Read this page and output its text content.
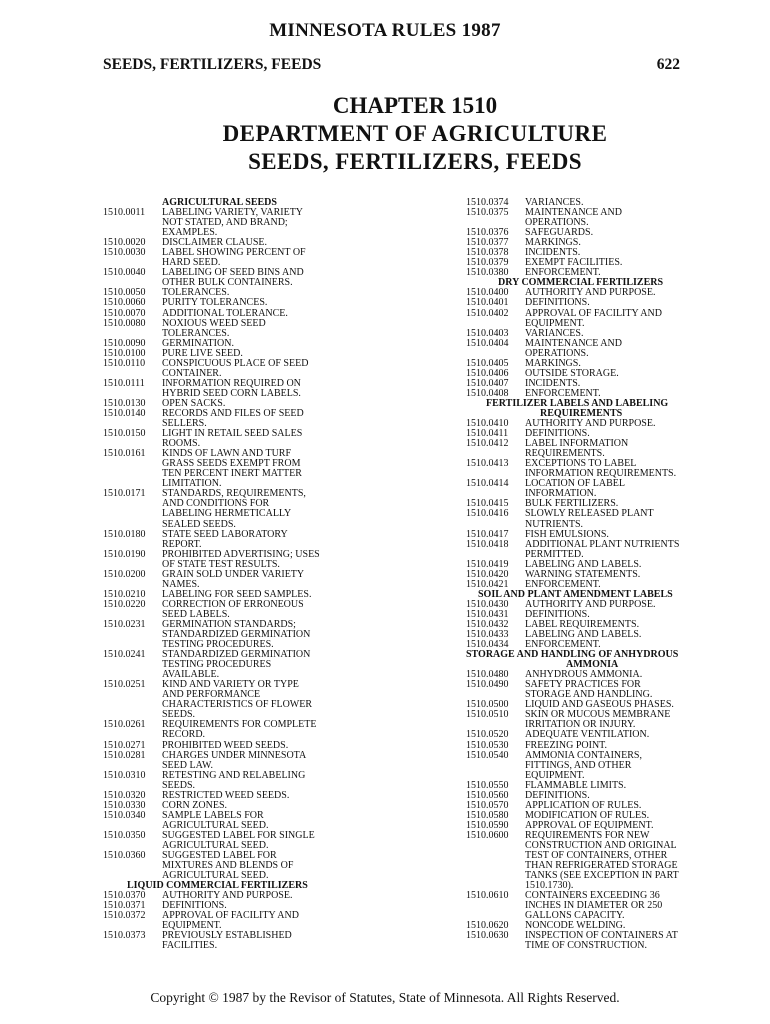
MINNESOTA RULES 1987
SEEDS, FERTILIZERS, FEEDS	622
CHAPTER 1510
DEPARTMENT OF AGRICULTURE
SEEDS, FERTILIZERS, FEEDS
AGRICULTURAL SEEDS
1510.0011	LABELING VARIETY, VARIETY
NOT STATED, AND BRAND;
EXAMPLES.
1510.0020	DISCLAIMER CLAUSE.
1510.0030	LABEL SHOWING PERCENT OF
HARD SEED.
1510.0040	LABELING OF SEED BINS AND
OTHER BULK CONTAINERS.
1510.0050	TOLERANCES.
1510.0060	PURITY TOLERANCES.
1510.0070	ADDITIONAL TOLERANCE.
1510.0080	NOXIOUS WEED SEED
TOLERANCES.
1510.0090	GERMINATION.
1510.0100	PURE LIVE SEED.
1510.0110	CONSPICUOUS PLACE OF SEED
CONTAINER.
1510.0111	INFORMATION REQUIRED ON
HYBRID SEED CORN LABELS.
1510.0130	OPEN SACKS.
1510.0140	RECORDS AND FILES OF SEED
SELLERS.
1510.0150	LIGHT IN RETAIL SEED SALES
ROOMS.
1510.0161	KINDS OF LAWN AND TURF
GRASS SEEDS EXEMPT FROM
TEN PERCENT INERT MATTER
LIMITATION.
1510.0171	STANDARDS, REQUIREMENTS,
AND CONDITIONS FOR
LABELING HERMETICALLY
SEALED SEEDS.
1510.0180	STATE SEED LABORATORY
REPORT.
1510.0190	PROHIBITED ADVERTISING; USES
OF STATE TEST RESULTS.
1510.0200	GRAIN SOLD UNDER VARIETY
NAMES.
1510.0210	LABELING FOR SEED SAMPLES.
1510.0220	CORRECTION OF ERRONEOUS
SEED LABELS.
1510.0231	GERMINATION STANDARDS;
STANDARDIZED GERMINATION
TESTING PROCEDURES.
1510.0241	STANDARDIZED GERMINATION
TESTING PROCEDURES
AVAILABLE.
1510.0251	KIND AND VARIETY OR TYPE
AND PERFORMANCE
CHARACTERISTICS OF FLOWER
SEEDS.
1510.0261	REQUIREMENTS FOR COMPLETE
RECORD.
1510.0271	PROHIBITED WEED SEEDS.
1510.0281	CHARGES UNDER MINNESOTA
SEED LAW.
1510.0310	RETESTING AND RELABELING
SEEDS.
1510.0320	RESTRICTED WEED SEEDS.
1510.0330	CORN ZONES.
1510.0340	SAMPLE LABELS FOR
AGRICULTURAL SEED.
1510.0350	SUGGESTED LABEL FOR SINGLE
AGRICULTURAL SEED.
1510.0360	SUGGESTED LABEL FOR
MIXTURES AND BLENDS OF
AGRICULTURAL SEED.
LIQUID COMMERCIAL FERTILIZERS
1510.0370	AUTHORITY AND PURPOSE.
1510.0371	DEFINITIONS.
1510.0372	APPROVAL OF FACILITY AND
EQUIPMENT.
1510.0373	PREVIOUSLY ESTABLISHED
FACILITIES.
1510.0374	VARIANCES.
1510.0375	MAINTENANCE AND
OPERATIONS.
1510.0376	SAFEGUARDS.
1510.0377	MARKINGS.
1510.0378	INCIDENTS.
1510.0379	EXEMPT FACILITIES.
1510.0380	ENFORCEMENT.
DRY COMMERCIAL FERTILIZERS
1510.0400	AUTHORITY AND PURPOSE.
1510.0401	DEFINITIONS.
1510.0402	APPROVAL OF FACILITY AND
EQUIPMENT.
1510.0403	VARIANCES.
1510.0404	MAINTENANCE AND
OPERATIONS.
1510.0405	MARKINGS.
1510.0406	OUTSIDE STORAGE.
1510.0407	INCIDENTS.
1510.0408	ENFORCEMENT.
FERTILIZER LABELS AND LABELING
REQUIREMENTS
1510.0410	AUTHORITY AND PURPOSE.
1510.0411	DEFINITIONS.
1510.0412	LABEL INFORMATION
REQUIREMENTS.
1510.0413	EXCEPTIONS TO LABEL
INFORMATION REQUIREMENTS.
1510.0414	LOCATION OF LABEL
INFORMATION.
1510.0415	BULK FERTILIZERS.
1510.0416	SLOWLY RELEASED PLANT
NUTRIENTS.
1510.0417	FISH EMULSIONS.
1510.0418	ADDITIONAL PLANT NUTRIENTS
PERMITTED.
1510.0419	LABELING AND LABELS.
1510.0420	WARNING STATEMENTS.
1510.0421	ENFORCEMENT.
SOIL AND PLANT AMENDMENT LABELS
1510.0430	AUTHORITY AND PURPOSE.
1510.0431	DEFINITIONS.
1510.0432	LABEL REQUIREMENTS.
1510.0433	LABELING AND LABELS.
1510.0434	ENFORCEMENT.
STORAGE AND HANDLING OF ANHYDROUS
AMMONIA
1510.0480	ANHYDROUS AMMONIA.
1510.0490	SAFETY PRACTICES FOR
STORAGE AND HANDLING.
1510.0500	LIQUID AND GASEOUS PHASES.
1510.0510	SKIN OR MUCOUS MEMBRANE
IRRITATION OR INJURY.
1510.0520	ADEQUATE VENTILATION.
1510.0530	FREEZING POINT.
1510.0540	AMMONIA CONTAINERS,
FITTINGS, AND OTHER
EQUIPMENT.
1510.0550	FLAMMABLE LIMITS.
1510.0560	DEFINITIONS.
1510.0570	APPLICATION OF RULES.
1510.0580	MODIFICATION OF RULES.
1510.0590	APPROVAL OF EQUIPMENT.
1510.0600	REQUIREMENTS FOR NEW
CONSTRUCTION AND ORIGINAL
TEST OF CONTAINERS, OTHER
THAN REFRIGERATED STORAGE
TANKS (SEE EXCEPTION IN PART
1510.1730).
1510.0610	CONTAINERS EXCEEDING 36
INCHES IN DIAMETER OR 250
GALLONS CAPACITY.
1510.0620	NONCODE WELDING.
1510.0630	INSPECTION OF CONTAINERS AT
TIME OF CONSTRUCTION.
Copyright © 1987 by the Revisor of Statutes, State of Minnesota. All Rights Reserved.
